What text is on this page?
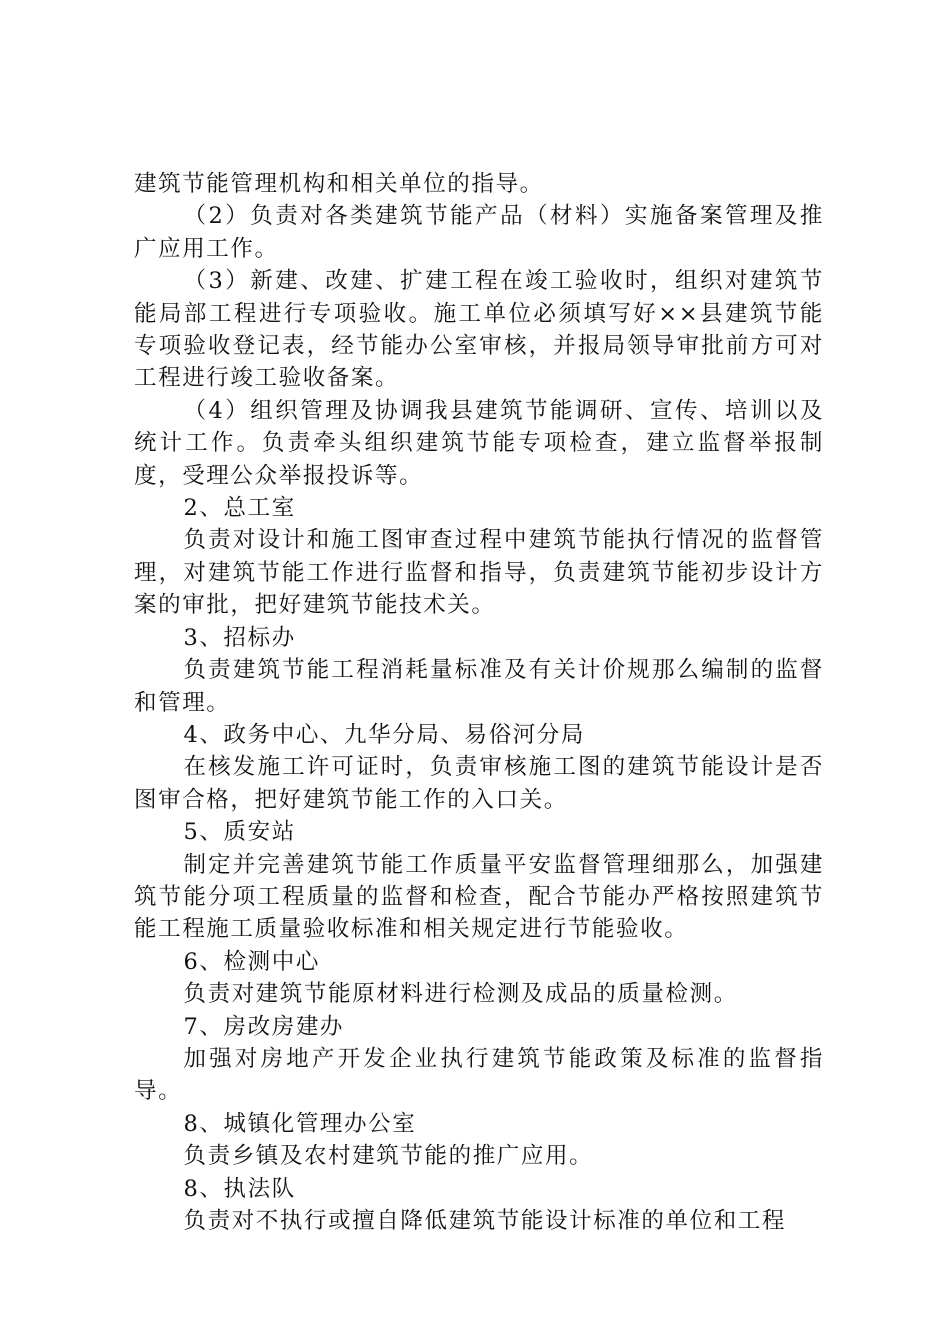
建筑节能管理机构和相关单位的指导。

（2）负责对各类建筑节能产品（材料）实施备案管理及推广应用工作。

（3）新建、改建、扩建工程在竣工验收时，组织对建筑节能局部工程进行专项验收。施工单位必须填写好××县建筑节能专项验收登记表，经节能办公室审核，并报局领导审批前方可对工程进行竣工验收备案。

（4）组织管理及协调我县建筑节能调研、宣传、培训以及统计工作。负责牵头组织建筑节能专项检查，建立监督举报制度，受理公众举报投诉等。

2、总工室

负责对设计和施工图审查过程中建筑节能执行情况的监督管理，对建筑节能工作进行监督和指导，负责建筑节能初步设计方案的审批，把好建筑节能技术关。

3、招标办

负责建筑节能工程消耗量标准及有关计价规那么编制的监督和管理。

4、政务中心、九华分局、易俗河分局

在核发施工许可证时，负责审核施工图的建筑节能设计是否图审合格，把好建筑节能工作的入口关。

5、质安站

制定并完善建筑节能工作质量平安监督管理细那么，加强建筑节能分项工程质量的监督和检查，配合节能办严格按照建筑节能工程施工质量验收标准和相关规定进行节能验收。

6、检测中心

负责对建筑节能原材料进行检测及成品的质量检测。

7、房改房建办

加强对房地产开发企业执行建筑节能政策及标准的监督指导。

8、城镇化管理办公室

负责乡镇及农村建筑节能的推广应用。

8、执法队

负责对不执行或擅自降低建筑节能设计标准的单位和工程
